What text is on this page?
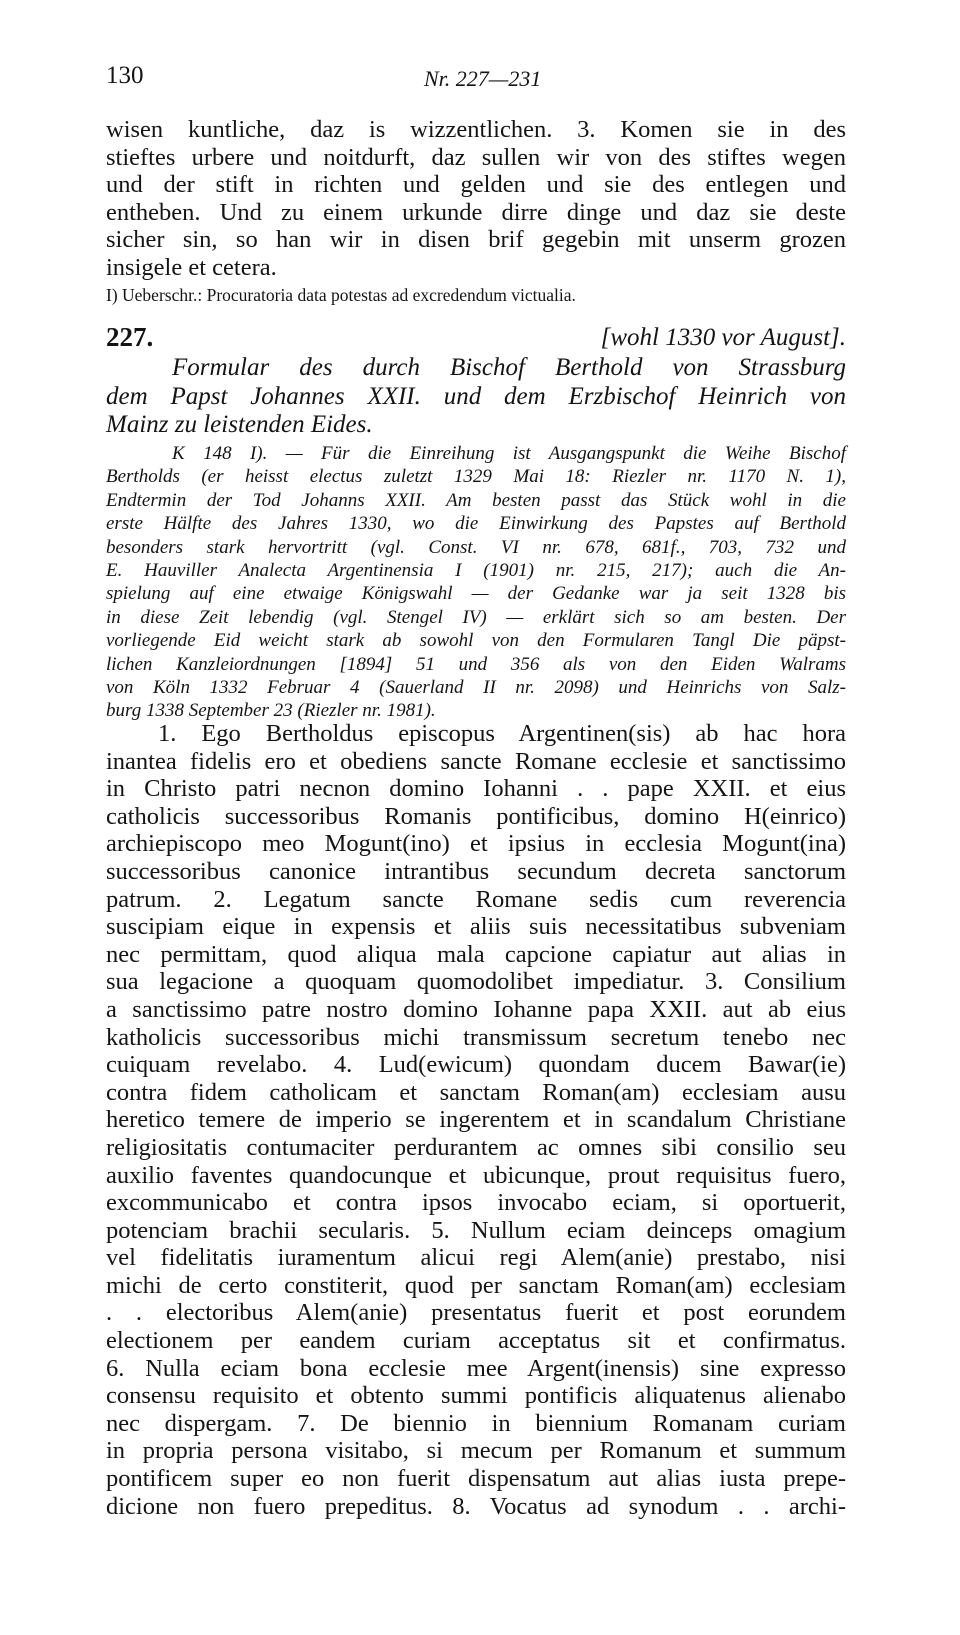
130	Nr. 227—231
wisen kuntliche, daz is wizzentlichen. 3. Komen sie in des
stieftes urbere und noitdurft, daz sullen wir von des stiftes wegen
und der stift in richten und gelden und sie des entlegen und
entheben. Und zu einem urkunde dirre dinge und daz sie deste
sicher sin, so han wir in disen brif gegebin mit unserm grozen
insigele et cetera.
I) Ueberschr.: Procuratoria data potestas ad excredendum victualia.
227.	[wohl 1330 vor August].
Formular des durch Bischof Berthold von Strassburg
dem Papst Johannes XXII. und dem Erzbischof Heinrich von
Mainz zu leistenden Eides.
K 148 I). — Für die Einreihung ist Ausgangspunkt die Weihe Bischof
Bertholds (er heisst electus zuletzt 1329 Mai 18: Riezler nr. 1170 N. 1),
Endtermin der Tod Johanns XXII. Am besten passt das Stück wohl in die
erste Hälfte des Jahres 1330, wo die Einwirkung des Papstes auf Berthold
besonders stark hervortritt (vgl. Const. VI nr. 678, 681f., 703, 732 und
E. Hauviller Analecta Argentinensia I (1901) nr. 215, 217); auch die An-
spielung auf eine etwaige Königswahl — der Gedanke war ja seit 1328 bis
in diese Zeit lebendig (vgl. Stengel IV) — erklärt sich so am besten. Der
vorliegende Eid weicht stark ab sowohl von den Formularen Tangl Die päpst-
lichen Kanzleiordnungen [1894] 51 und 356 als von den Eiden Walrams
von Köln 1332 Februar 4 (Sauerland II nr. 2098) und Heinrichs von Salz-
burg 1338 September 23 (Riezler nr. 1981).
1. Ego Bertholdus episcopus Argentinen(sis) ab hac hora
inantea fidelis ero et obediens sancte Romane ecclesie et sanctissimo
in Christo patri necnon domino Iohanni . . pape XXII. et eius
catholicis successoribus Romanis pontificibus, domino H(einrico)
archiepiscopo meo Mogunt(ino) et ipsius in ecclesia Mogunt(ina)
successoribus canonice intrantibus secundum decreta sanctorum
patrum. 2. Legatum sancte Romane sedis cum reverencia
suscipiam eique in expensis et aliis suis necessitatibus subveniam
nec permittam, quod aliqua mala capcione capiatur aut alias in
sua legacione a quoquam quomodolibet impediatur. 3. Consilium
a sanctissimo patre nostro domino Iohanne papa XXII. aut ab eius
katholicis successoribus michi transmissum secretum tenebo nec
cuiquam revelabo. 4. Lud(ewicum) quondam ducem Bawar(ie)
contra fidem catholicam et sanctam Roman(am) ecclesiam ausu
heretico temere de imperio se ingerentem et in scandalum Christiane
religiositatis contumaciter perdurantem ac omnes sibi consilio seu
auxilio faventes quandocunque et ubicunque, prout requisitus fuero,
excommunicabo et contra ipsos invocabo eciam, si oportuerit,
potenciam brachii secularis. 5. Nullum eciam deinceps omagium
vel fidelitatis iuramentum alicui regi Alem(anie) prestabo, nisi
michi de certo constiterit, quod per sanctam Roman(am) ecclesiam
. . electoribus Alem(anie) presentatus fuerit et post eorundem
electionem per eandem curiam acceptatus sit et confirmatus.
6. Nulla eciam bona ecclesie mee Argent(inensis) sine expresso
consensu requisito et obtento summi pontificis aliquatenus alienabo
nec dispergam. 7. De biennio in biennium Romanam curiam
in propria persona visitabo, si mecum per Romanum et summum
pontificem super eo non fuerit dispensatum aut alias iusta prepe-
dicione non fuero prepeditus. 8. Vocatus ad synodum . . archi-
